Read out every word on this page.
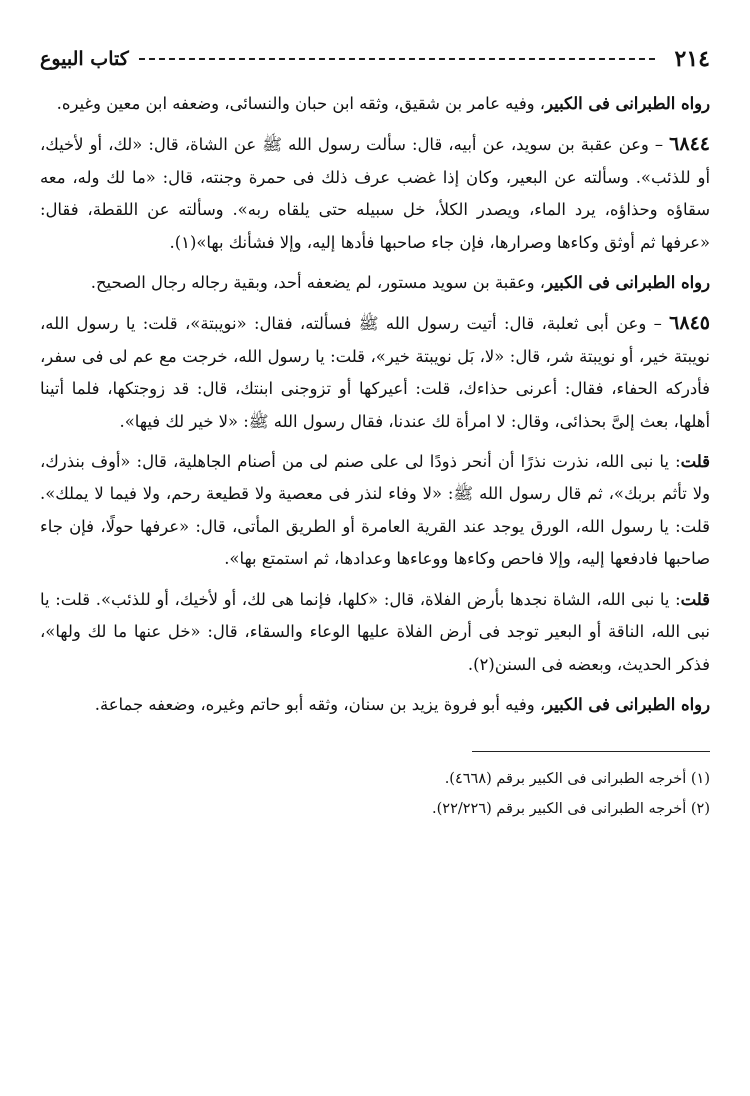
٢١٤
كتاب البيوع

رواه الطبرانى فى الكبير، وفيه عامر بن شقيق، وثقه ابن حبان والنسائى، وضعفه ابن معين وغيره.

٦٨٤٤ – وعن عقبة بن سويد، عن أبيه، قال: سألت رسول الله ﷺ عن الشاة، قال: «لك، أو لأخيك، أو للذئب». وسألته عن البعير، وكان إذا غضب عرف ذلك فى حمرة وجنته، قال: «ما لك وله، معه سقاؤه وحذاؤه، يرد الماء، ويصدر الكلأ، خل سبيله حتى يلقاه ربه». وسألته عن اللقطة، فقال: «عرفها ثم أوثق وكاءها وصرارها، فإن جاء صاحبها فأدها إليه، وإلا فشأنك بها»(١).

رواه الطبرانى فى الكبير، وعقبة بن سويد مستور، لم يضعفه أحد، وبقية رجاله رجال الصحيح.

٦٨٤٥ – وعن أبى ثعلبة، قال: أتيت رسول الله ﷺ فسألته، فقال: «نويبتة»، قلت: يا رسول الله، نويبتة خير، أو نويبتة شر، قال: «لا، بَل نويبتة خير»، قلت: يا رسول الله، خرجت مع عم لى فى سفر، فأدركه الحفاء، فقال: أعرنى حذاءك، قلت: أعيركها أو تزوجنى ابنتك، قال: قد زوجتكها، فلما أتينا أهلها، بعث إلىَّ بحذائى، وقال: لا امرأة لك عندنا، فقال رسول الله ﷺ: «لا خير لك فيها».

قلت: يا نبى الله، نذرت نذرًا أن أنحر ذودًا لى على صنم لى من أصنام الجاهلية، قال: «أوف بنذرك، ولا تأثم بربك»، ثم قال رسول الله ﷺ: «لا وفاء لنذر فى معصية ولا قطيعة رحم، ولا فيما لا يملك». قلت: يا رسول الله، الورق يوجد عند القرية العامرة أو الطريق المأتى، قال: «عرفها حولًا، فإن جاء صاحبها فادفعها إليه، وإلا فاحص وكاءها ووعاءها وعدادها، ثم استمتع بها».

قلت: يا نبى الله، الشاة نجدها بأرض الفلاة، قال: «كلها، فإنما هى لك، أو لأخيك، أو للذئب». قلت: يا نبى الله، الناقة أو البعير توجد فى أرض الفلاة عليها الوعاء والسقاء، قال: «خل عنها ما لك ولها»، فذكر الحديث، وبعضه فى السنن(٢).

رواه الطبرانى فى الكبير، وفيه أبو فروة يزيد بن سنان، وثقه أبو حاتم وغيره، وضعفه جماعة.

(١) أخرجه الطبرانى فى الكبير برقم (٤٦٦٨).

(٢) أخرجه الطبرانى فى الكبير برقم (٢٢/٢٢٦).
